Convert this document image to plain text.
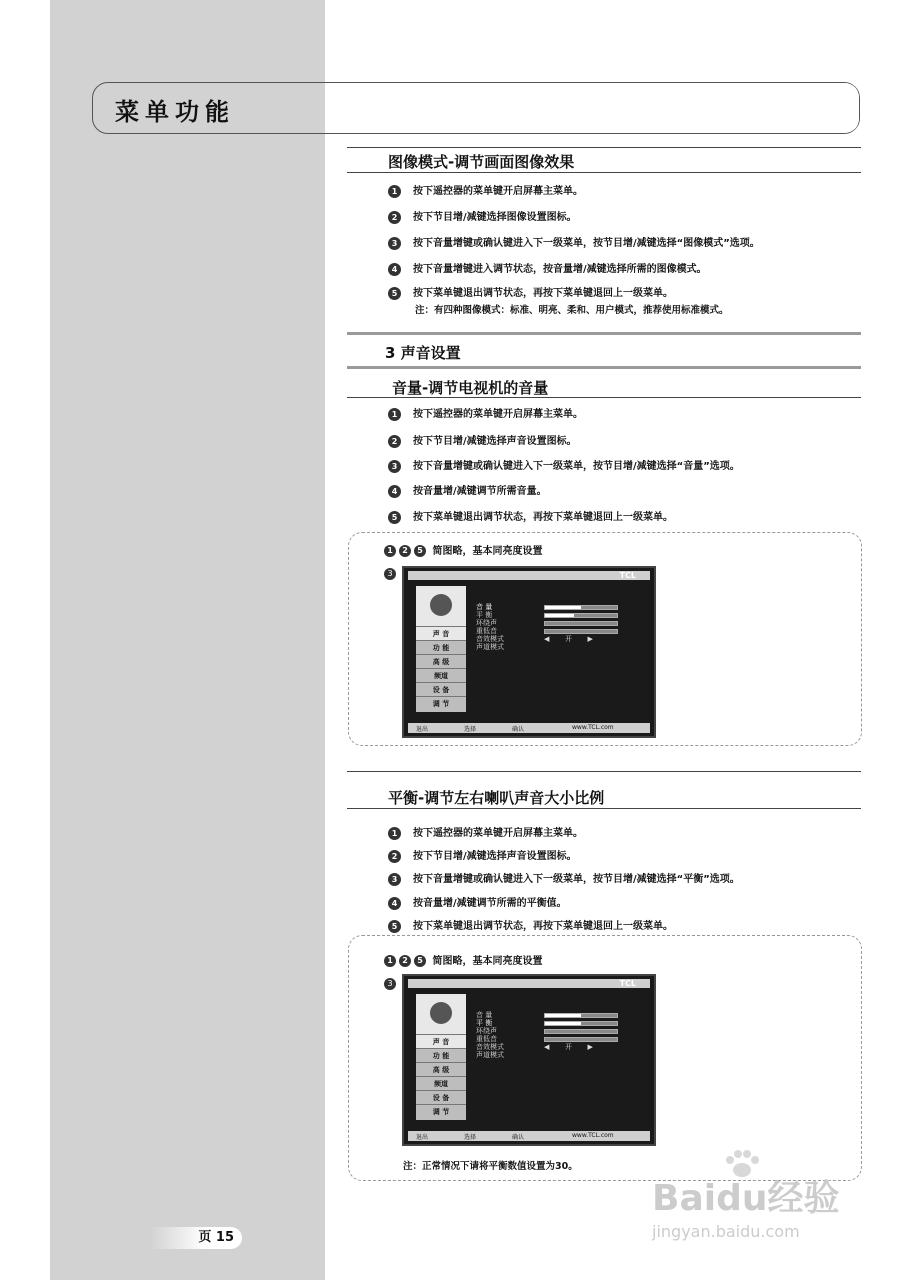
菜单功能
图像模式-调节画面图像效果
1 按下遥控器的菜单键开启屏幕主菜单。
2 按下节目增/减键选择图像设置图标。
3 按下音量增键或确认键进入下一级菜单，按节目增/减键选择“图像模式”选项。
4 按下音量增键进入调节状态，按音量增/减键选择所需的图像模式。
5 按下菜单键退出调节状态，再按下菜单键退回上一级菜单。
注：有四种图像模式：标准、明亮、柔和、用户模式，推荐使用标准模式。
3 声音设置
音量-调节电视机的音量
1 按下遥控器的菜单键开启屏幕主菜单。
2 按下节目增/减键选择声音设置图标。
3 按下音量增键或确认键进入下一级菜单，按节目增/减键选择“音量”选项。
4 按音量增/减键调节所需音量。
5 按下菜单键退出调节状态，再按下菜单键退回上一级菜单。
1 2 5 简图略，基本同亮度设置
3	TCL
声 音
功 能
高 级
频道
设 备
调 节
音 量
平 衡
环绕声
重低音
音效模式
声道模式
◀       开       ▶
退出	选择	确认	www.TCL.com
平衡-调节左右喇叭声音大小比例
1 按下遥控器的菜单键开启屏幕主菜单。
2 按下节目增/减键选择声音设置图标。
3 按下音量增键或确认键进入下一级菜单，按节目增/减键选择“平衡”选项。
4 按音量增/减键调节所需的平衡值。
5 按下菜单键退出调节状态，再按下菜单键退回上一级菜单。
1 2 5 简图略，基本同亮度设置
3	TCL
声 音
功 能
高 级
频道
设 备
调 节
音 量
平 衡
环绕声
重低音
音效模式
声道模式
◀       开       ▶
退出	选择	确认	www.TCL.com
注：正常情况下请将平衡数值设置为30。
页 15
Baidu经验
jingyan.baidu.com
